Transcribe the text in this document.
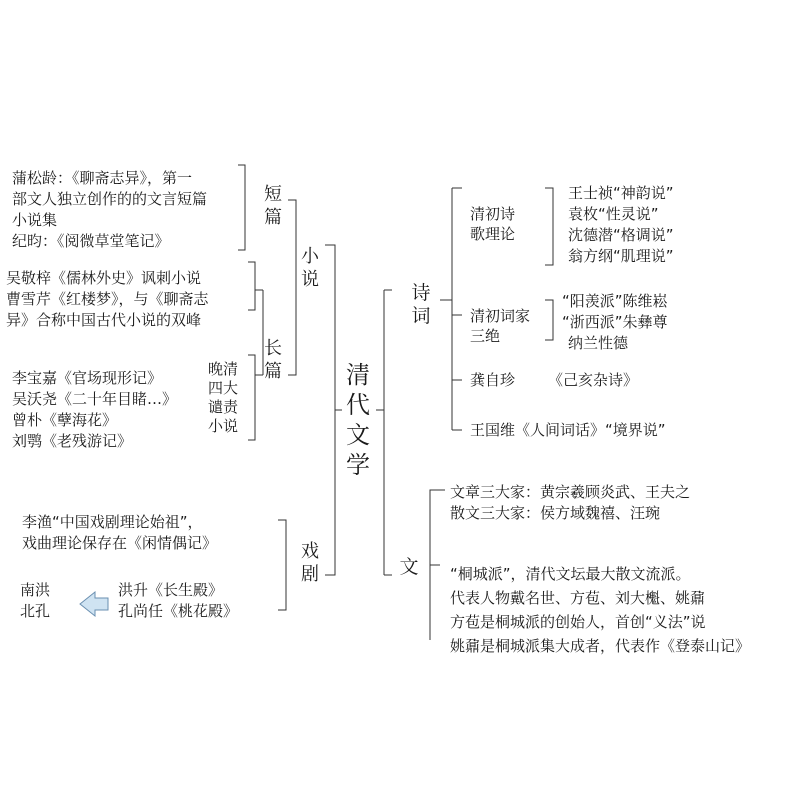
清代文学
小说
短篇
长篇
蒲松龄：《聊斋志异》，第一
部文人独立创作的的文言短篇
小说集
纪昀：《阅微草堂笔记》
吴敬梓《儒林外史》讽刺小说
曹雪芹《红楼梦》，与《聊斋志
异》合称中国古代小说的双峰
晚清四大谴责小说
李宝嘉《官场现形记》
吴沃尧《二十年目睹…》
曾朴《孽海花》
刘鹗《老残游记》
戏剧
李渔“中国戏剧理论始祖”，
戏曲理论保存在《闲情偶记》
洪升《长生殿》
孔尚任《桃花殿》
南洪
北孔
诗词
清初诗
歌理论
王士祯“神韵说”
袁枚“性灵说”
沈德潜“格调说”
翁方纲“肌理说”
清初词家
三绝
“阳羡派”陈维崧
“浙西派”朱彝尊
纳兰性德
龚自珍 《己亥杂诗》
王国维《人间词话》“境界说”
文
文章三大家：黄宗羲顾炎武、王夫之
散文三大家：侯方域魏禧、汪琬
“桐城派”，清代文坛最大散文流派。
代表人物戴名世、方苞、刘大櫆、姚鼐
方苞是桐城派的创始人，首创“义法”说
姚鼐是桐城派集大成者，代表作《登泰山记》
